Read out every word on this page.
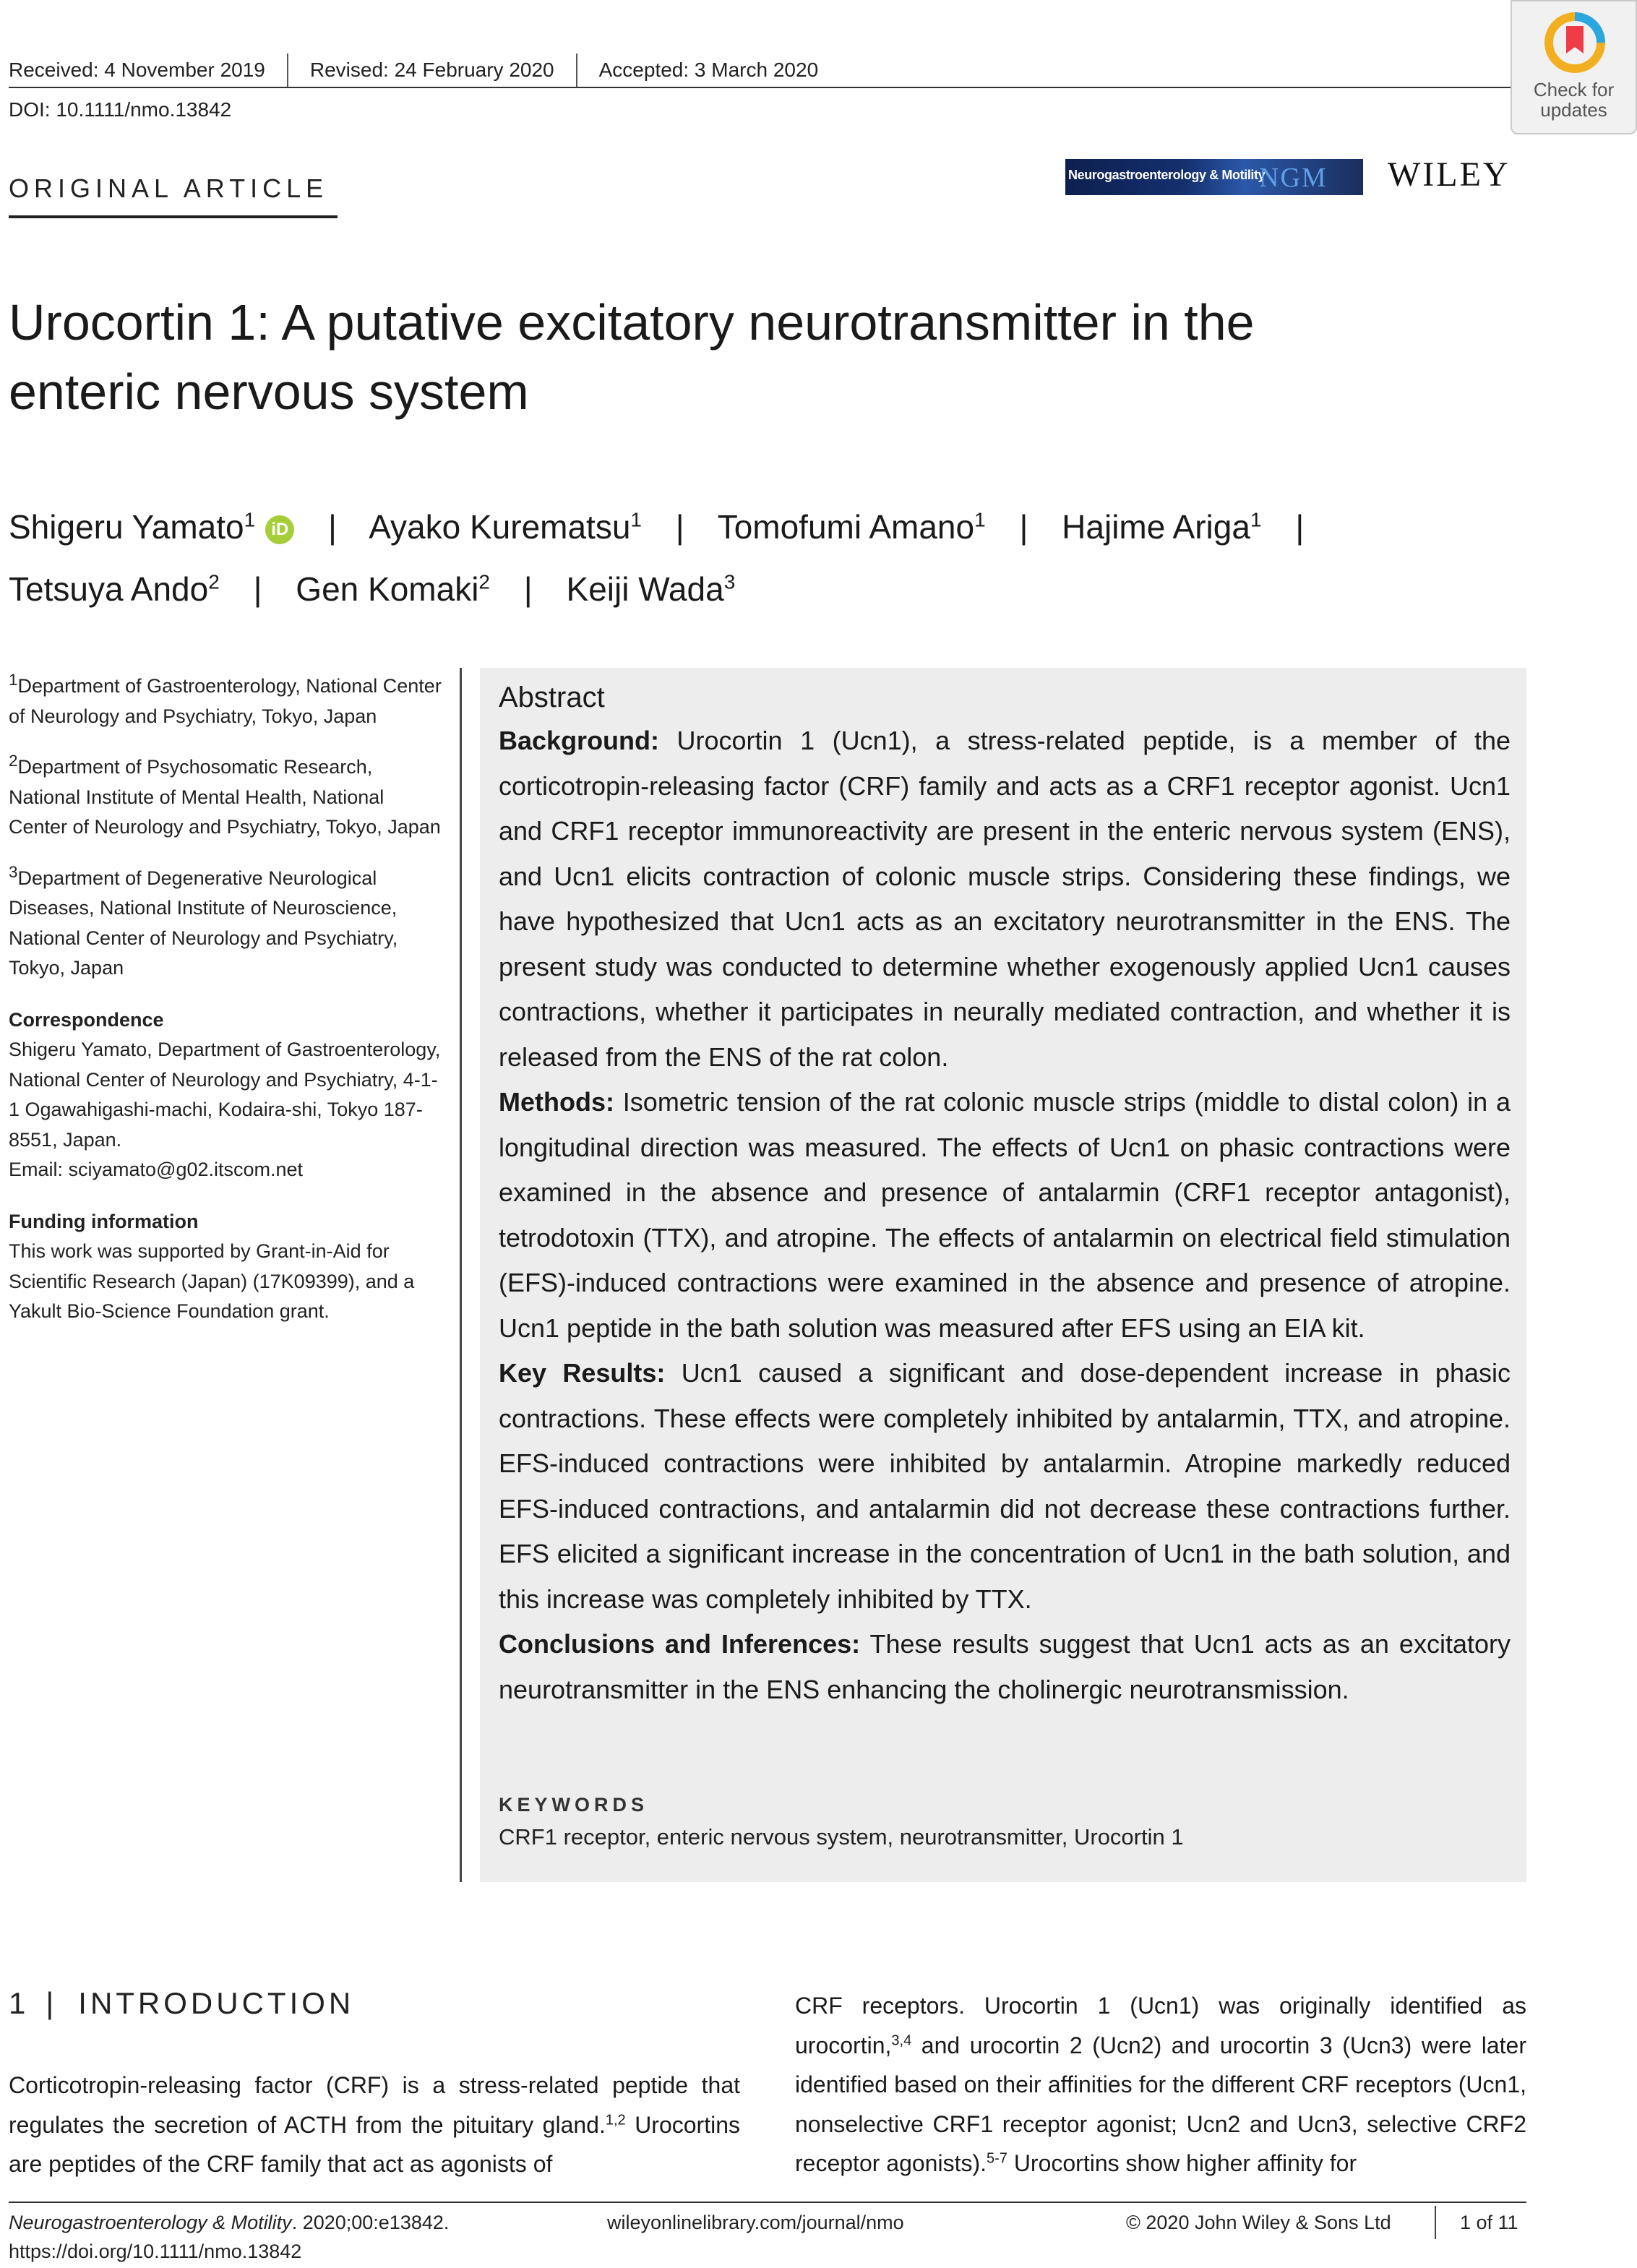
Received: 4 November 2019 Revised: 24 February 2020 Accepted: 3 March 2020
DOI: 10.1111/nmo.13842
Check for
updates
ORIGINAL ARTICLE	Neurogastroenterology & Motility
NGM WILEY
Urocortin 1: A putative excitatory neurotransmitter in the
enteric nervous system
Shigeru Yamato$^1$ iD | Ayako Kurematsu$^1$ | Tomofumi Amano$^1$ | Hajime Ariga$^1$ |
Tetsuya Ando$^2$ | Gen Komaki$^2$ | Keiji Wada$^3$

$^1$Department of Gastroenterology, National Center of Neurology and Psychiatry, Tokyo, Japan

$^2$Department of Psychosomatic Research, National Institute of Mental Health, National Center of Neurology and Psychiatry, Tokyo, Japan

$^3$Department of Degenerative Neurological Diseases, National Institute of Neuroscience, National Center of Neurology and Psychiatry, Tokyo, Japan

Correspondence
Shigeru Yamato, Department of Gastroenterology, National Center of Neurology and Psychiatry, 4-1-1 Ogawahigashi-machi, Kodaira-shi, Tokyo 187-8551, Japan.

Email: sciyamato@g02.itscom.net

Funding information
This work was supported by Grant-in-Aid for Scientific Research (Japan) (17K09399), and a Yakult Bio-Science Foundation grant.
Abstract

Background: Urocortin 1 (Ucn1), a stress-related peptide, is a member of the corticotropin-releasing factor (CRF) family and acts as a CRF1 receptor agonist. Ucn1 and CRF1 receptor immunoreactivity are present in the enteric nervous system (ENS), and Ucn1 elicits contraction of colonic muscle strips. Considering these findings, we have hypothesized that Ucn1 acts as an excitatory neurotransmitter in the ENS. The present study was conducted to determine whether exogenously applied Ucn1 causes contractions, whether it participates in neurally mediated contraction, and whether it is released from the ENS of the rat colon.

Methods: Isometric tension of the rat colonic muscle strips (middle to distal colon) in a longitudinal direction was measured. The effects of Ucn1 on phasic contractions were examined in the absence and presence of antalarmin (CRF1 receptor antagonist), tetrodotoxin (TTX), and atropine. The effects of antalarmin on electrical field stimulation (EFS)-induced contractions were examined in the absence and presence of atropine. Ucn1 peptide in the bath solution was measured after EFS using an EIA kit.

Key Results: Ucn1 caused a significant and dose-dependent increase in phasic contractions. These effects were completely inhibited by antalarmin, TTX, and atropine. EFS-induced contractions were inhibited by antalarmin. Atropine markedly reduced EFS-induced contractions, and antalarmin did not decrease these contractions further. EFS elicited a significant increase in the concentration of Ucn1 in the bath solution, and this increase was completely inhibited by TTX.

Conclusions and Inferences: These results suggest that Ucn1 acts as an excitatory neurotransmitter in the ENS enhancing the cholinergic neurotransmission.

KEYWORDS
CRF1 receptor, enteric nervous system, neurotransmitter, Urocortin 1
1 | INTRODUCTION
Corticotropin-releasing factor (CRF) is a stress-related peptide that regulates the secretion of ACTH from the pituitary gland.$^{1,2}$ Urocortins are peptides of the CRF family that act as agonists of
CRF receptors. Urocortin 1 (Ucn1) was originally identified as urocortin,$^{3,4}$ and urocortin 2 (Ucn2) and urocortin 3 (Ucn3) were later identified based on their affinities for the different CRF receptors (Ucn1, nonselective CRF1 receptor agonist; Ucn2 and Ucn3, selective CRF2 receptor agonists).$^{5-7}$ Urocortins show higher affinity for
Neurogastroenterology & Motility. 2020;00:e13842.	wileyonlinelibrary.com/journal/nmo	© 2020 John Wiley & Sons Ltd	1 of 11
https://doi.org/10.1111/nmo.13842
